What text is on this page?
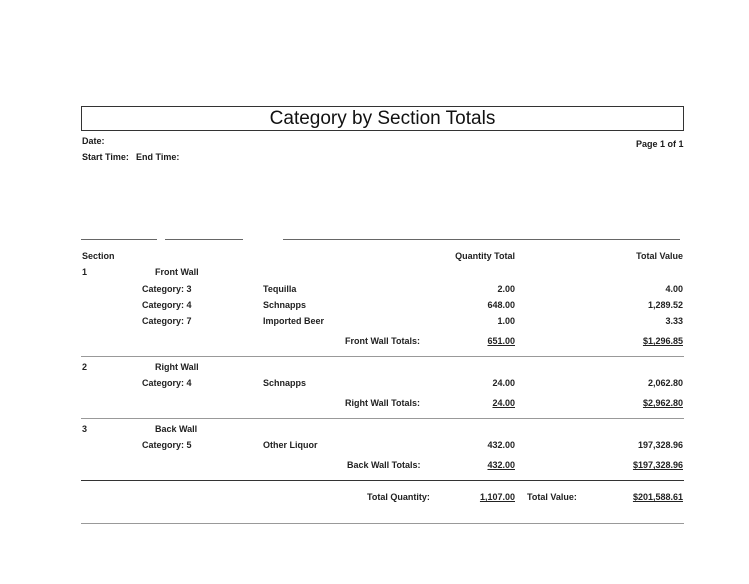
Category by Section Totals
Date:	Page 1 of 1
Start Time: End Time:
Section	Quantity Total	Total Value
1	Front Wall
Category: 3	Tequilla	2.00	4.00
Category: 4	Schnapps	648.00	1,289.52
Category: 7	Imported Beer	1.00	3.33
Front Wall Totals:	651.00	$1,296.85
2	Right Wall
Category: 4	Schnapps	24.00	2,062.80
Right Wall Totals:	24.00	$2,962.80
3	Back Wall
Category: 5	Other Liquor	432.00	197,328.96
Back Wall Totals:	432.00	$197,328.96
Total Quantity:	1,107.00 Total Value:	$201,588.61
